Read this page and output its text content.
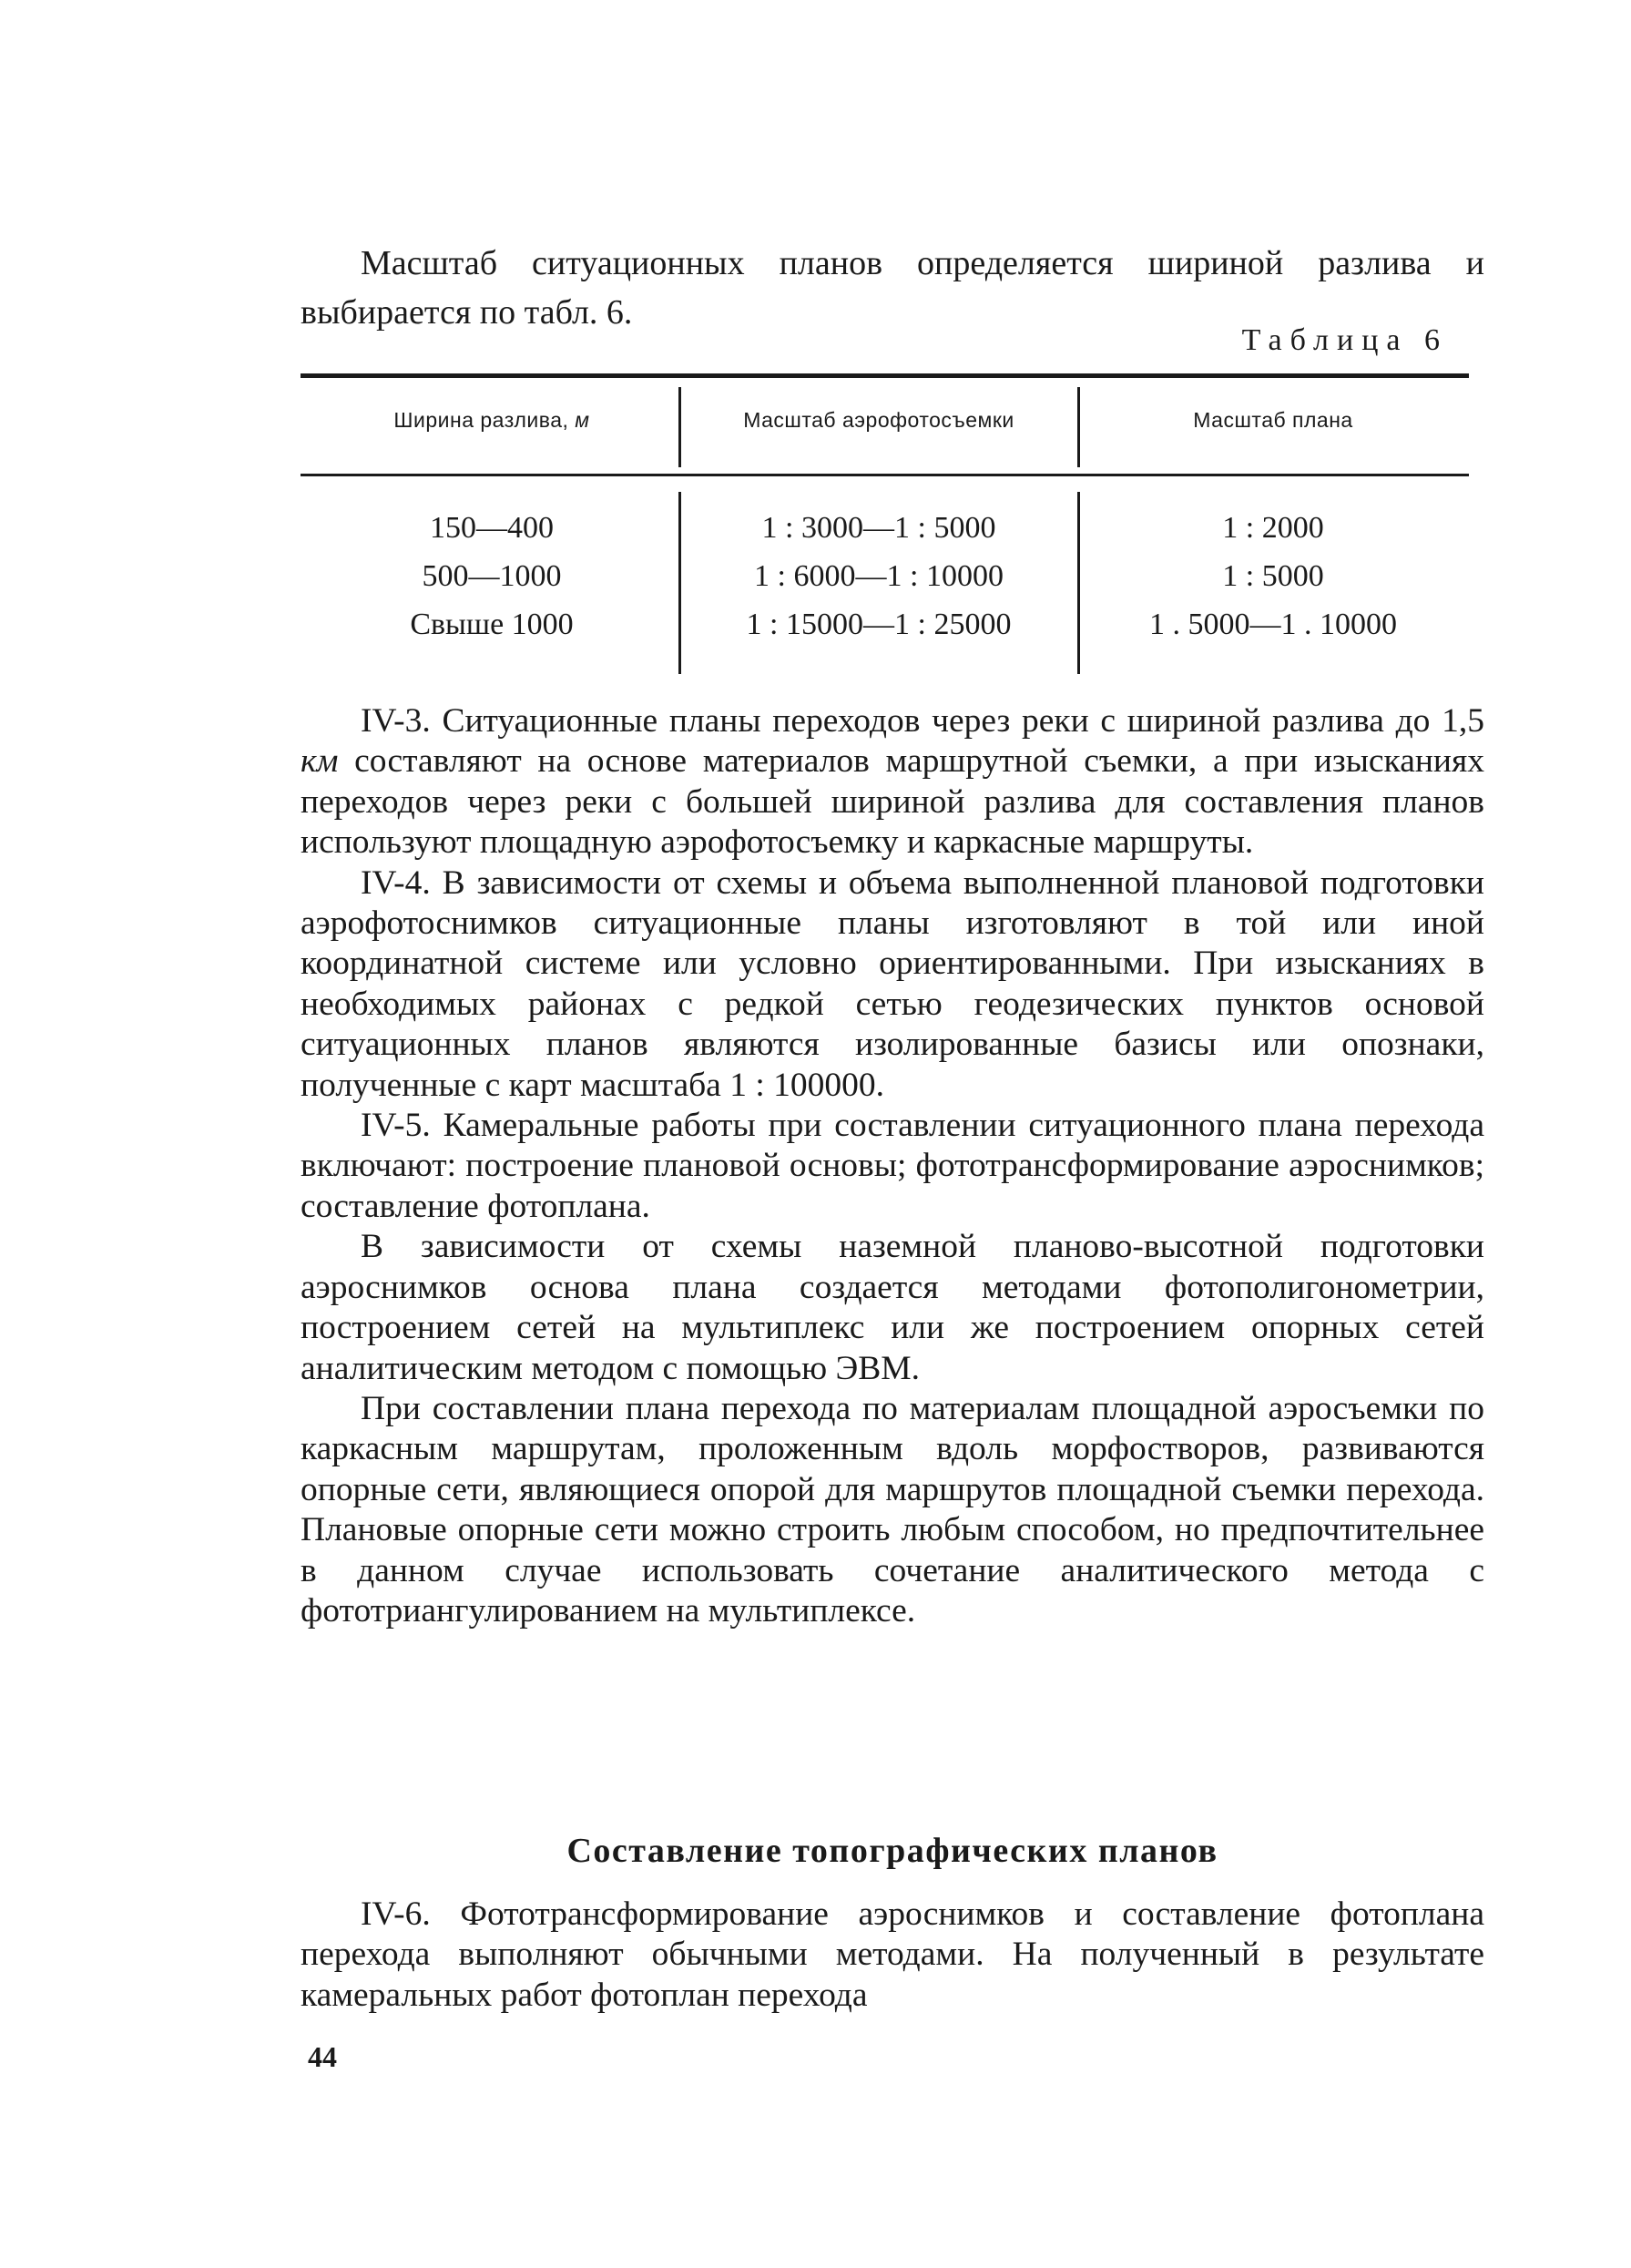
Масштаб ситуационных планов определяется шириной разлива и выбирается по табл. 6.
Таблица 6
Ширина разлива, м	Масштаб аэрофотосъемки	Масштаб плана
150—400	1 : 3000—1 : 5000	1 : 2000
500—1000	1 : 6000—1 : 10000	1 : 5000
Свыше 1000	1 : 15000—1 : 25000	1 . 5000—1 . 10000

IV-3. Ситуационные планы переходов через реки с шириной разлива до 1,5 км составляют на основе материалов маршрутной съемки, а при изысканиях переходов через реки с большей шириной разлива для составления планов используют площадную аэрофотосъемку и каркасные маршруты.

IV-4. В зависимости от схемы и объема выполненной плановой подготовки аэрофотоснимков ситуационные планы изготовляют в той или иной координатной системе или условно ориентированными. При изысканиях в необходимых районах с редкой сетью геодезических пунктов основой ситуационных планов являются изолированные базисы или опознаки, полученные с карт масштаба 1 : 100000.

IV-5. Камеральные работы при составлении ситуационного плана перехода включают: построение плановой основы; фототрансформирование аэроснимков; составление фотоплана.

В зависимости от схемы наземной планово-высотной подготовки аэроснимков основа плана создается методами фотополигонометрии, построением сетей на мультиплекс или же построением опорных сетей аналитическим методом с помощью ЭВМ.

При составлении плана перехода по материалам площадной аэросъемки по каркасным маршрутам, проложенным вдоль морфостворов, развиваются опорные сети, являющиеся опорой для маршрутов площадной съемки перехода. Плановые опорные сети можно строить любым способом, но предпочтительнее в данном случае использовать сочетание аналитического метода с фототриангулированием на мультиплексе.

Составление топографических планов

IV-6. Фототрансформирование аэроснимков и составление фотоплана перехода выполняют обычными методами. На полученный в результате камеральных работ фотоплан перехода

44
